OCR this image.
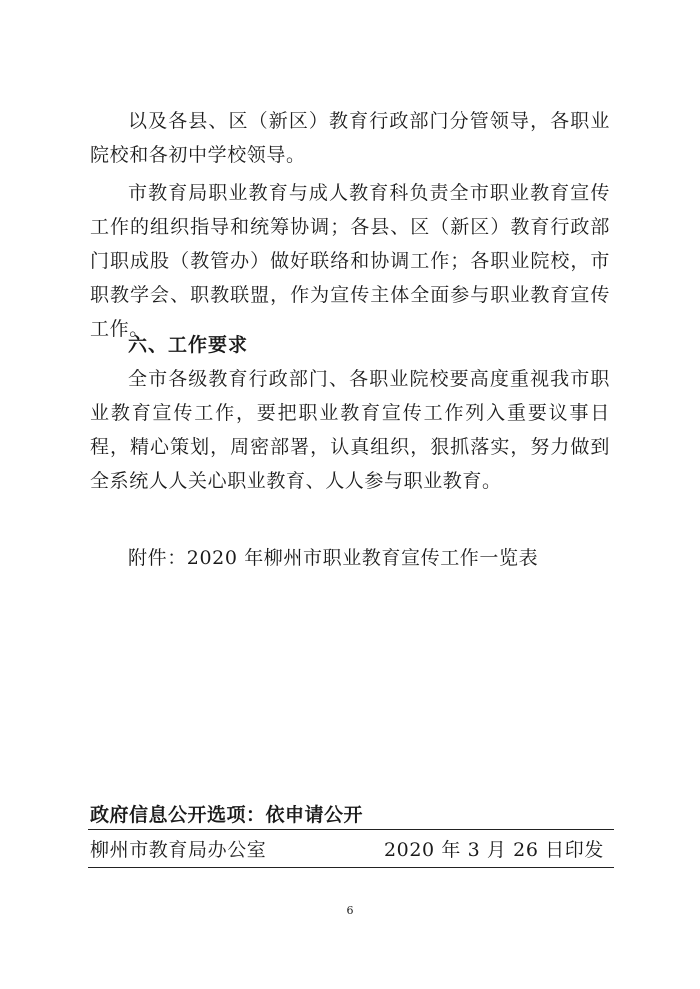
以及各县、区（新区）教育行政部门分管领导，各职业院校和各初中学校领导。

市教育局职业教育与成人教育科负责全市职业教育宣传工作的组织指导和统筹协调；各县、区（新区）教育行政部门职成股（教管办）做好联络和协调工作；各职业院校，市职教学会、职教联盟，作为宣传主体全面参与职业教育宣传工作。

六、工作要求

全市各级教育行政部门、各职业院校要高度重视我市职业教育宣传工作，要把职业教育宣传工作列入重要议事日程，精心策划，周密部署，认真组织，狠抓落实，努力做到全系统人人关心职业教育、人人参与职业教育。

附件：2020 年柳州市职业教育宣传工作一览表

政府信息公开选项：依申请公开

柳州市教育局办公室	2020 年 3 月 26 日印发

6
